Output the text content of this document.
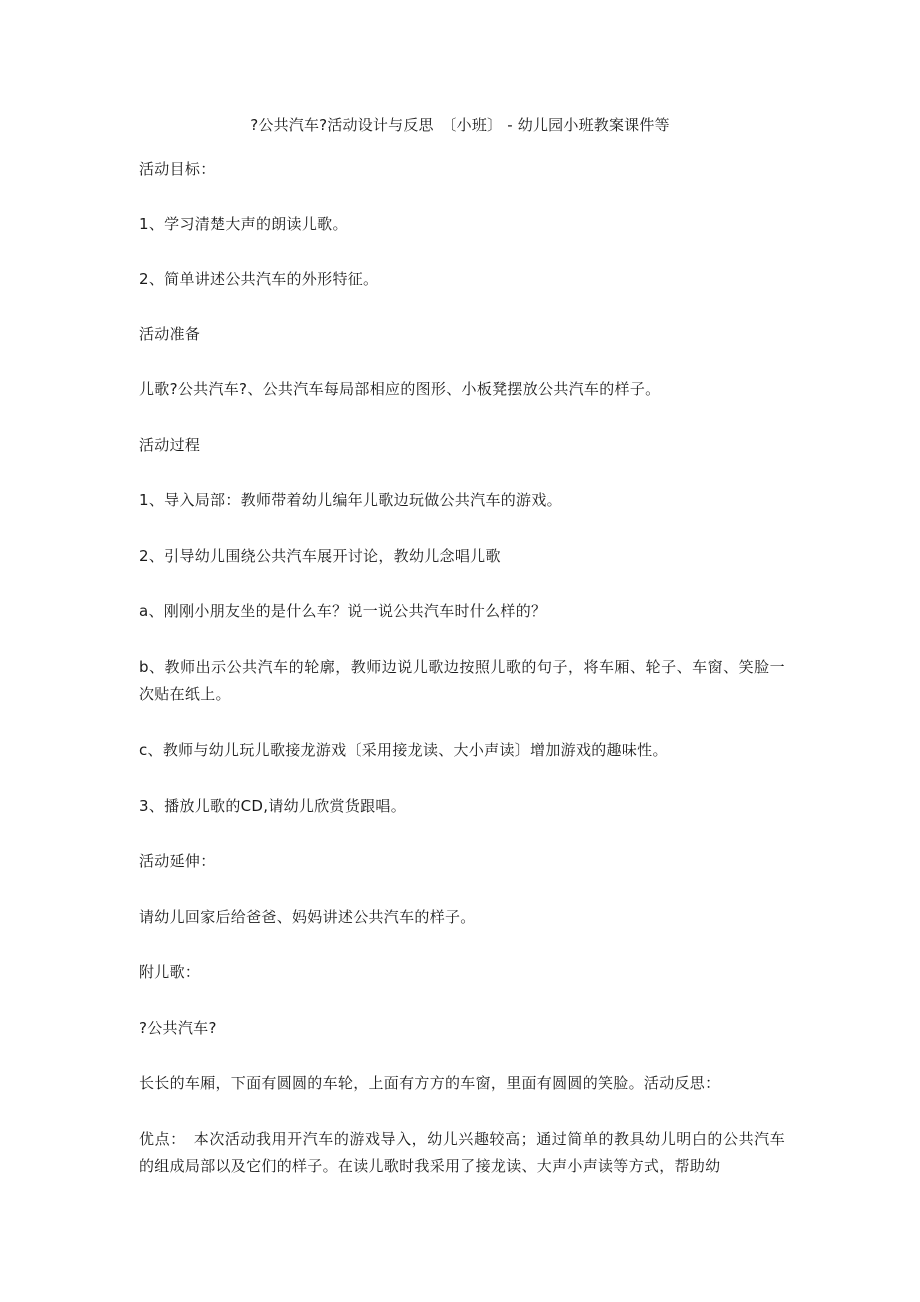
?公共汽车?活动设计与反思　〔小班〕 - 幼儿园小班教案课件等

活动目标：

1、学习清楚大声的朗读儿歌。

2、简单讲述公共汽车的外形特征。

活动准备

儿歌?公共汽车?、公共汽车每局部相应的图形、小板凳摆放公共汽车的样子。

活动过程

1、导入局部：教师带着幼儿编年儿歌边玩做公共汽车的游戏。

2、引导幼儿围绕公共汽车展开讨论，教幼儿念唱儿歌

a、刚刚小朋友坐的是什么车？说一说公共汽车时什么样的？

b、教师出示公共汽车的轮廓，教师边说儿歌边按照儿歌的句子，将车厢、轮子、车窗、笑脸一次贴在纸上。

c、教师与幼儿玩儿歌接龙游戏〔采用接龙读、大小声读〕增加游戏的趣味性。

3、播放儿歌的CD,请幼儿欣赏货跟唱。

活动延伸：

请幼儿回家后给爸爸、妈妈讲述公共汽车的样子。

附儿歌：

?公共汽车?

长长的车厢，下面有圆圆的车轮，上面有方方的车窗，里面有圆圆的笑脸。活动反思：

优点：　本次活动我用开汽车的游戏导入，幼儿兴趣较高；通过简单的教具幼儿明白的公共汽车的组成局部以及它们的样子。在读儿歌时我采用了接龙读、大声小声读等方式，帮助幼
